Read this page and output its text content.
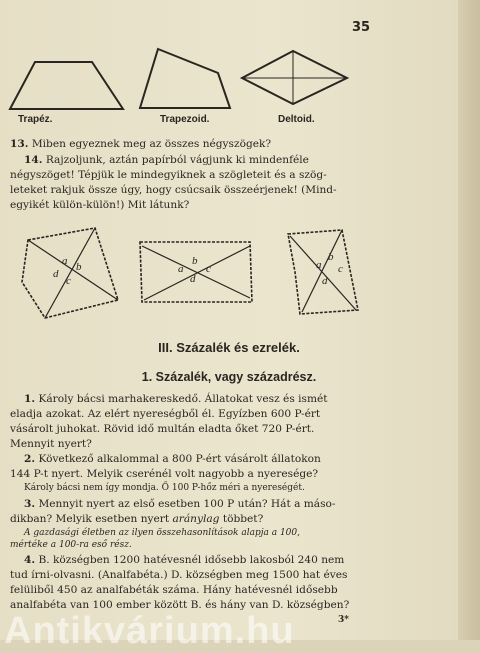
35
Trapéz.	Trapezoid.	Deltoid.
13. Miben egyeznek meg az összes négyszögek?
14. Rajzoljunk, aztán papírból vágjunk ki mindenféle
négyszöget! Tépjük le mindegyiknek a szögleteit és a szög-
leteket rakjuk össze úgy, hogy csúcsaik összeérjenek! (Mind-
egyikét külön-külön!) Mit látunk?
a b
d
c
a
b
c
d
a
b
c
d
III. Százalék és ezrelék.
1. Százalék, vagy századrész.
1. Károly bácsi marhakereskedő. Állatokat vesz és ismét
eladja azokat. Az elért nyereségből él. Egyízben 600 P-ért
vásárolt juhokat. Rövid idő multán eladta őket 720 P-ért.
Mennyit nyert?
2. Következő alkalommal a 800 P-ért vásárolt állatokon
144 P-t nyert. Melyik cserénél volt nagyobb a nyeresége?
Károly bácsi nem így mondja. Ő 100 P-hőz méri a nyereségét.
3. Mennyit nyert az első esetben 100 P után? Hát a máso-
dikban? Melyik esetben nyert aránylag többet?
A gazdasági életben az ilyen összehasonlítások alapja a 100,
mértéke a 100-ra eső rész.
4. B. községben 1200 hatévesnél idősebb lakosból 240 nem
tud írni-olvasni. (Analfabéta.) D. községben meg 1500 hat éves
felüliből 450 az analfabéták száma. Hány hatévesnél idősebb
analfabéta van 100 ember között B. és hány van D. községben?
3*
Antikvárium.hu
